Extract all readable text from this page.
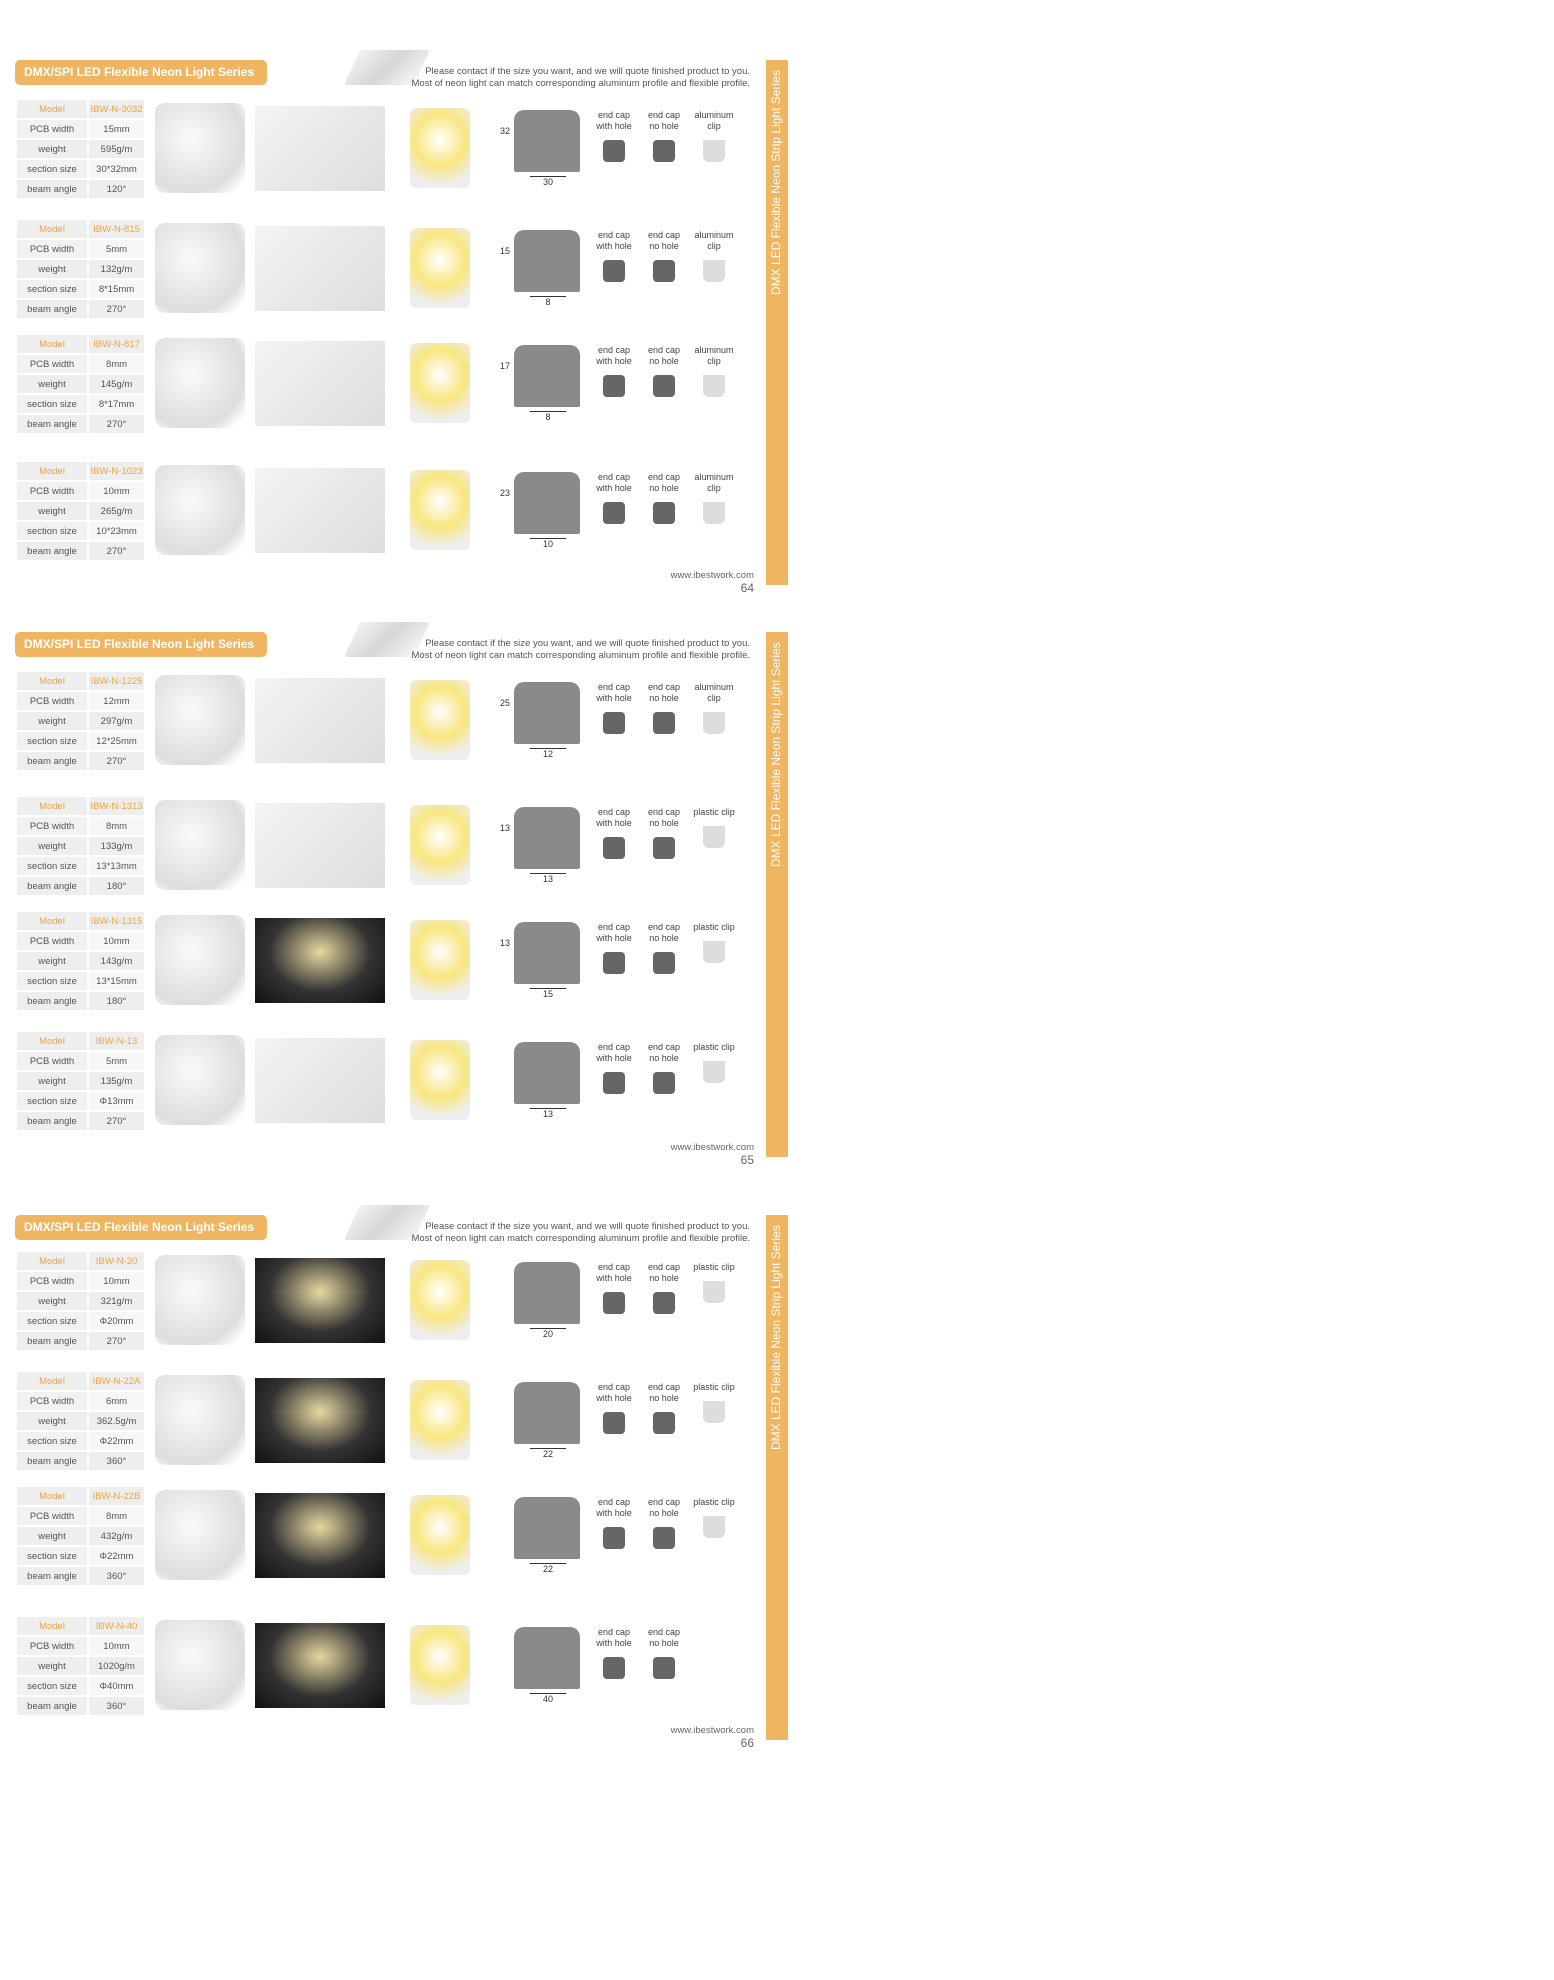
DMX/SPI LED Flexible Neon Light Series	Please contact if the size you want, and we will quote finished product to you.
Most of neon light can match corresponding aluminum profile and flexible profile. DMX LED Flexible Neon Strip Light Series
ibestwork
www.ibestwork.com
64
Model	IBW-N-3032
PCB width	15mm
weight	595g/m
section size	30*32mm
beam angle	120°
32
30
end cap with hole
end cap no hole
aluminum clip
Model	IBW-N-815
PCB width	5mm
weight	132g/m
section size	8*15mm
beam angle	270°
15
8
end cap with hole
end cap no hole
aluminum clip
Model	IBW-N-817
PCB width	8mm
weight	145g/m
section size	8*17mm
beam angle	270°
17
8
end cap with hole
end cap no hole
aluminum clip
Model	IBW-N-1023
PCB width	10mm
weight	265g/m
section size	10*23mm
beam angle	270°
23
10
end cap with hole
end cap no hole
aluminum clip
DMX/SPI LED Flexible Neon Light Series	Please contact if the size you want, and we will quote finished product to you.
Most of neon light can match corresponding aluminum profile and flexible profile. DMX LED Flexible Neon Strip Light Series
ibestwork
www.ibestwork.com
65
Model	IBW-N-1225
PCB width	12mm
weight	297g/m
section size	12*25mm
beam angle	270°
25
12
end cap with hole
end cap no hole
aluminum clip
Model	IBW-N-1313
PCB width	8mm
weight	133g/m
section size	13*13mm
beam angle	180°
13
13
end cap with hole
end cap no hole
plastic clip
Model	IBW-N-1315
PCB width	10mm
weight	143g/m
section size	13*15mm
beam angle	180°
13
15
end cap with hole
end cap no hole
plastic clip
Model	IBW-N-13
PCB width	5mm
weight	135g/m
section size	Φ13mm
beam angle	270°
13
end cap with hole
end cap no hole
plastic clip
DMX/SPI LED Flexible Neon Light Series	Please contact if the size you want, and we will quote finished product to you.
Most of neon light can match corresponding aluminum profile and flexible profile. DMX LED Flexible Neon Strip Light Series
ibestwork
www.ibestwork.com
66
Model	IBW-N-20
PCB width	10mm
weight	321g/m
section size	Φ20mm
beam angle	270°
20
end cap with hole
end cap no hole
plastic clip
Model	IBW-N-22A
PCB width	6mm
weight	362.5g/m
section size	Φ22mm
beam angle	360°
22
end cap with hole
end cap no hole
plastic clip
Model	IBW-N-22B
PCB width	8mm
weight	432g/m
section size	Φ22mm
beam angle	360°
22
end cap with hole
end cap no hole
plastic clip
Model	IBW-N-40
PCB width	10mm
weight	1020g/m
section size	Φ40mm
beam angle	360°
40
end cap with hole
end cap no hole
